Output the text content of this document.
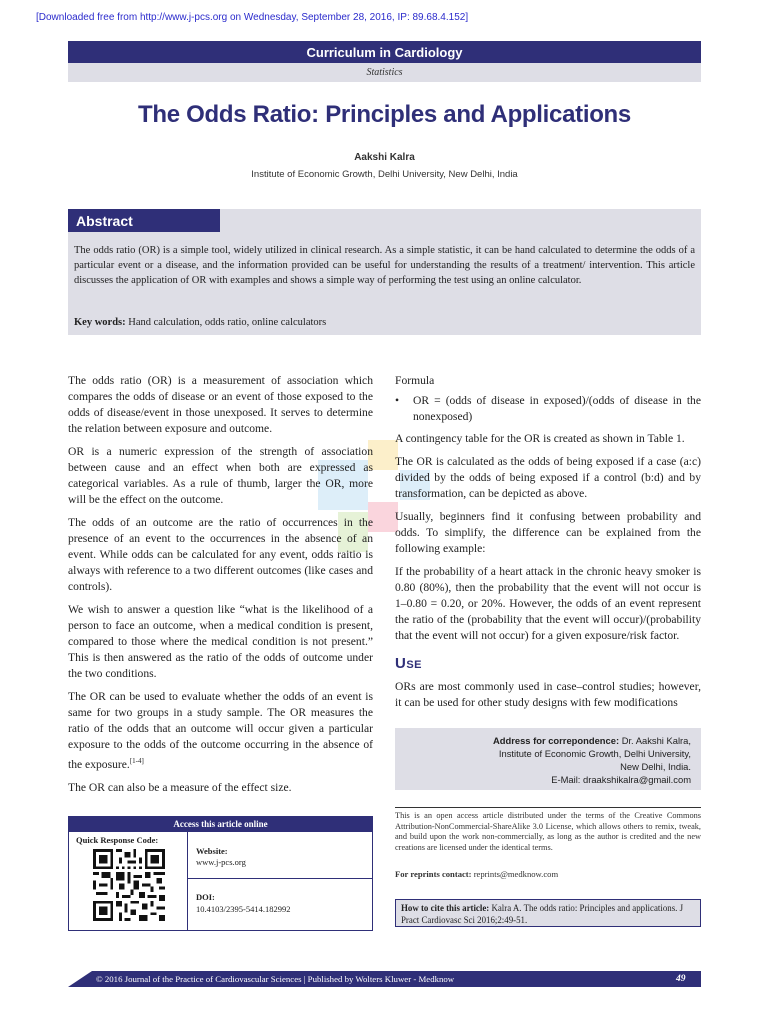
[Downloaded free from http://www.j-pcs.org on Wednesday, September 28, 2016, IP: 89.68.4.152]
Curriculum in Cardiology
Statistics
The Odds Ratio: Principles and Applications
Aakshi Kalra
Institute of Economic Growth, Delhi University, New Delhi, India
Abstract
The odds ratio (OR) is a simple tool, widely utilized in clinical research. As a simple statistic, it can be hand calculated to determine the odds of a particular event or a disease, and the information provided can be useful for understanding the results of a treatment/ intervention. This article discusses the application of OR with examples and shows a simple way of performing the test using an online calculator.
Key words: Hand calculation, odds ratio, online calculators

The odds ratio (OR) is a measurement of association which compares the odds of disease or an event of those exposed to the odds of disease/event in those unexposed. It serves to determine the relation between exposure and outcome.

OR is a numeric expression of the strength of association between cause and an effect when both are expressed as categorical variables. As a rule of thumb, larger the OR, more will be the effect on the outcome.

The odds of an outcome are the ratio of occurrences in the presence of an event to the occurrences in the absence of an event. While odds can be calculated for any event, odds raitio is always with reference to a two different outcomes (like cases and controls).

We wish to answer a question like “what is the likelihood of a person to face an outcome, when a medical condition is present, compared to those where the medical condition is not present.” This is then answered as the ratio of the odds of outcome under the two conditions.

The OR can be used to evaluate whether the odds of an event is same for two groups in a study sample. The OR measures the ratio of the odds that an outcome will occur given a particular exposure to the odds of the outcome occurring in the absence of the exposure.[1-4]

The OR can also be a measure of the effect size.

Formula

•	OR = (odds of disease in exposed)/(odds of disease in the nonexposed)

A contingency table for the OR is created as shown in Table 1.

The OR is calculated as the odds of being exposed if a case (a:c) divided by the odds of being exposed if a control (b:d) and by transformation, can be depicted as above.

Usually, beginners find it confusing between probability and odds. To simplify, the difference can be explained from the following example:

If the probability of a heart attack in the chronic heavy smoker is 0.80 (80%), then the probability that the event will not occur is 1–0.80 = 0.20, or 20%. However, the odds of an event represent the ratio of the (probability that the event will occur)/(probability that the event will not occur) for a given exposure/risk factor.

USE

ORs are most commonly used in case–control studies; however, it can be used for other study designs with few modifications

Address for correpondence: Dr. Aakshi Kalra,
Institute of Economic Growth, Delhi University,
New Delhi, India.
E-Mail: draakshikalra@gmail.com
This is an open access article distributed under the terms of the Creative Commons Attribution-NonCommercial-ShareAlike 3.0 License, which allows others to remix, tweak, and build upon the work non-commercially, as long as the author is credited and the new creations are licensed under the identical terms.
For reprints contact: reprints@medknow.com
How to cite this article: Kalra A. The odds ratio: Principles and applications. J Pract Cardiovasc Sci 2016;2:49-51.
Access this article online
Quick Response Code:
Website:
www.j-pcs.org
DOI:
10.4103/2395-5414.182992
© 2016 Journal of the Practice of Cardiovascular Sciences | Published by Wolters Kluwer - Medknow	49
